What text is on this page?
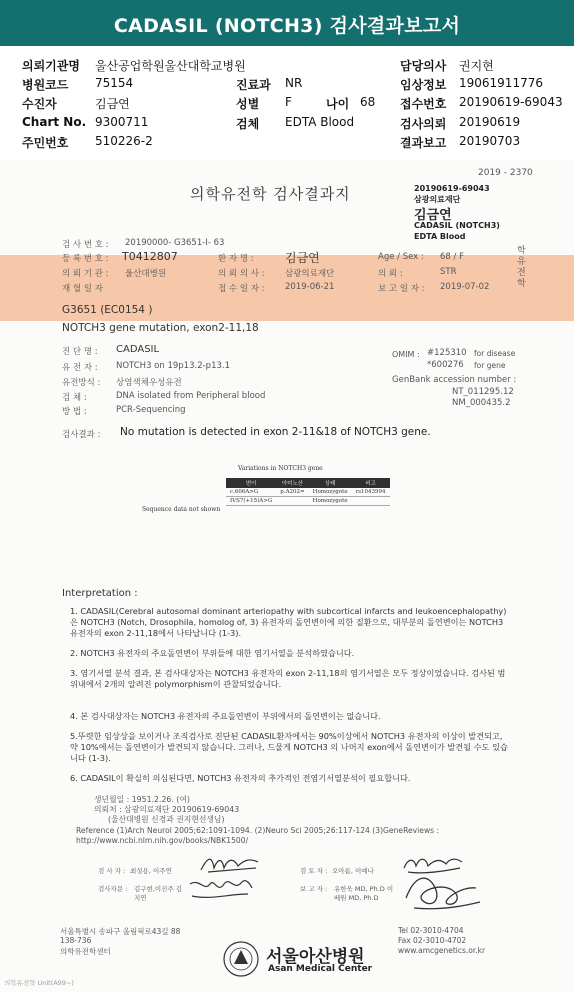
CADASIL (NOTCH3) 검사결과보고서
의뢰기관명 울산공업학원울산대학교병원
병원코드 75154
수진자	김금연
Chart No. 9300711
주민번호 510226-2
진료과 NR
성별 F	나이 68
검체 EDTA Blood
담당의사 권지현
임상정보 19061911776
접수번호 20190619-69043
검사의뢰 20190619
결과보고 20190703
2019 - 2370
의학유전학 검사결과지	20190619-69043
삼광의료재단
김금연
CADASIL (NOTCH3)
EDTA Blood
검 사 번 호 : 20190000- G3651-I- 63
등 록 번 호 : T0412807	환 자 명 :	김금연	Age / Sex : 68 / F
의 뢰 기 관 : 울산대병원	의 뢰 의 사 : 삼광의료재단	의 뢰 :	STR
재 혈 일 자	접 수 일 자 : 2019-06-21	보 고 일 자 : 2019-07-02
학유전학
G3651 (EC0154 )
NOTCH3 gene mutation, exon2-11,18
진 단 명 : CADASIL
유 전 자 : NOTCH3 on 19p13.2-p13.1
유전방식 : 상염색체우성유전
검 체 :	DNA isolated from Peripheral blood
방 법 :	PCR-Sequencing
OMIM : #125310 for disease
*600276 for gene
GenBank accession number :
NT_011295.12
NM_000435.2
검사결과 : No mutation is detected in exon 2-11&18 of NOTCH3 gene.
Variations in NOTCH3 gene
변이	아미노산	상태	비고
c.606A>G	p.A202=	Homozygote	rs1043994
IVS7(+15)A>G		Homozygote	
Sequence data not shown
Interpretation :
1. CADASIL(Cerebral autosomal dominant arteriopathy with subcortical infarcts and leukoencephalopathy)은 NOTCH3 (Notch, Drosophila, homolog of, 3) 유전자의 돌연변이에 의한 질환으로, 대부분의 돌연변이는 NOTCH3 유전자의 exon 2-11,18에서 나타납니다 (1-3).
2. NOTCH3 유전자의 주요돌연변이 부위들에 대한 염기서열을 분석하였습니다.
3. 염기서열 분석 결과, 본 검사대상자는 NOTCH3 유전자의 exon 2-11,18의 염기서열은 모두 정상이었습니다. 검사된 범위내에서 2개의 알려진 polymorphism이 관찰되었습니다.
4. 본 검사대상자는 NOTCH3 유전자의 주요돌연변이 부위에서의 돌연변이는 없습니다.
5.뚜렷한 임상상을 보이거나 조직검사로 진단된 CADASIL환자에서는 90%이상에서 NOTCH3 유전자의 이상이 발견되고, 약 10%에서는 돌연변이가 발견되지 않습니다. 그러나, 드물게 NOTCH3 의 나머지 exon에서 돌연변이가 발견될 수도 있습니다 (1-3).
6. CADASIL이 확실히 의심된다면, NOTCH3 유전자의 추가적인 전염기서열분석이 필요합니다.
생년월일 : 1951.2.26. (여)
의뢰처 : 삼광의료재단 20190619-69043
(울산대병원 신경과 권지현선생님)
Reference (1)Arch Neurol 2005;62:1091-1094. (2)Neuro Sci 2005;26:117-124 (3)GeneReviews : http://www.ncbi.nlm.nih.gov/books/NBK1500/
검 사 자 : 최성용, 이주연	검 토 자 : 오아름, 이예나
검사자문 : 김구현,이진주 김지연
보 고 자 : 유한욱 MD, Ph.D 이베원 MD, Ph.D
서울특별시 송파구 올림픽로43길 88
138-736
의학유전학센터	서울아산병원
Asan Medical Center
Tel 02-3010-4704
Fax 02-3010-4702
www.amcgenetics.or.kr
의학유전학 Unit(A99~)
